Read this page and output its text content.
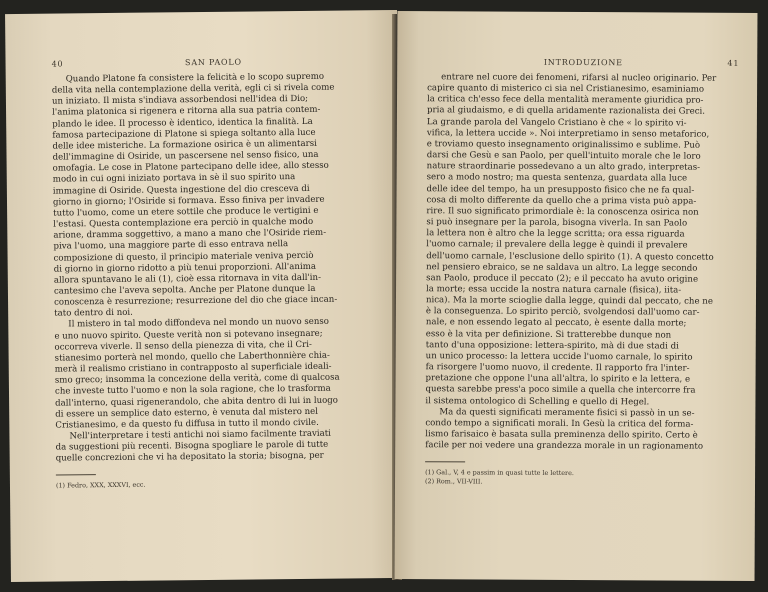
40	SAN PAOLO

Quando Platone fa consistere la felicità e lo scopo supremo
della vita nella contemplazione della verità, egli ci si rivela come
un iniziato. Il mista s'indiava assorbendosi nell'idea di Dio;
l'anima platonica si rigenera e ritorna alla sua patria contem-
plando le idee. Il processo è identico, identica la finalità. La
famosa partecipazione di Platone si spiega soltanto alla luce
delle idee misteriche. La formazione osirica è un alimentarsi
dell'immagine di Osiride, un pascersene nel senso fisico, una
omofagia. Le cose in Platone partecipano delle idee, allo stesso
modo in cui ogni iniziato portava in sè il suo spirito una
immagine di Osiride. Questa ingestione del dio cresceva di
giorno in giorno; l'Osiride si formava. Esso finiva per invadere
tutto l'uomo, come un etere sottile che produce le vertigini e
l'estasi. Questa contemplazione era perciò in qualche modo
arione, dramma soggettivo, a mano a mano che l'Osiride riem-
piva l'uomo, una maggiore parte di esso entrava nella
composizione di questo, il principio materiale veniva perciò
di giorno in giorno ridotto a più tenui proporzioni. All'anima
allora spuntavano le ali (1), cioè essa ritornava in vita dall'in-
cantesimo che l'aveva sepolta. Anche per Platone dunque la
conoscenza è resurrezione; resurrezione del dio che giace incan-
tato dentro di noi.

Il mistero in tal modo diffondeva nel mondo un nuovo senso
e uno nuovo spirito. Queste verità non si potevano insegnare;
occorreva viverle. Il senso della pienezza di vita, che il Cri-
stianesimo porterà nel mondo, quello che Laberthonnière chia-
merà il realismo cristiano in contrapposto al superficiale ideali-
smo greco; insomma la concezione della verità, come di qualcosa
che investe tutto l'uomo e non la sola ragione, che lo trasforma
dall'interno, quasi rigenerandolo, che abita dentro di lui in luogo
di essere un semplice dato esterno, è venuta dal mistero nel
Cristianesimo, e da questo fu diffusa in tutto il mondo civile.

Nell'interpretare i testi antichi noi siamo facilmente traviati
da suggestioni più recenti. Bisogna spogliare le parole di tutte
quelle concrezioni che vi ha depositato la storia; bisogna, per

(1) Fedro, XXX, XXXVI, ecc.
INTRODUZIONE	41

entrare nel cuore dei fenomeni, rifarsi al nucleo originario. Per
capire quanto di misterico ci sia nel Cristianesimo, esaminiamo
la critica ch'esso fece della mentalità meramente giuridica pro-
pria al giudaismo, e di quella aridamente razionalista dei Greci.
La grande parola del Vangelo Cristiano è che « lo spirito vi-
vifica, la lettera uccide ». Noi interpretiamo in senso metaforico,
e troviamo questo insegnamento originalissimo e sublime. Può
darsi che Gesù e san Paolo, per quell'intuito morale che le loro
nature straordinarie possedevano a un alto grado, interpretas-
sero a modo nostro; ma questa sentenza, guardata alla luce
delle idee del tempo, ha un presupposto fisico che ne fa qual-
cosa di molto differente da quello che a prima vista può appa-
rire. Il suo significato primordiale è: la conoscenza osirica non
si può insegnare per la parola, bisogna viverla. In san Paolo
la lettera non è altro che la legge scritta; ora essa riguarda
l'uomo carnale; il prevalere della legge è quindi il prevalere
dell'uomo carnale, l'esclusione dello spirito (1). A questo concetto
nel pensiero ebraico, se ne saldava un altro. La legge secondo
san Paolo, produce il peccato (2); e il peccato ha avuto origine
la morte; essa uccide la nostra natura carnale (fisica), iita-
nica). Ma la morte scioglie dalla legge, quindi dal peccato, che ne
è la conseguenza. Lo spirito perciò, svolgendosi dall'uomo car-
nale, e non essendo legato al peccato, è esente dalla morte;
esso è la vita per definizione. Si tratterebbe dunque non
tanto d'una opposizione: lettera-spirito, mà di due stadi di
un unico processo: la lettera uccide l'uomo carnale, lo spirito
fa risorgere l'uomo nuovo, il credente. Il rapporto fra l'inter-
pretazione che oppone l'una all'altra, lo spirito e la lettera, e
questa sarebbe press'a poco simile a quella che intercorre fra
il sistema ontologico di Schelling e quello di Hegel.

Ma da questi significati meramente fisici si passò in un se-
condo tempo a significati morali. In Gesù la critica del forma-
lismo farisaico è basata sulla preminenza dello spirito. Certo è
facile per noi vedere una grandezza morale in un ragionamento

(1) Gal., V, 4 e passim in quasi tutte le lettere.
(2) Rom., VII-VIII.
